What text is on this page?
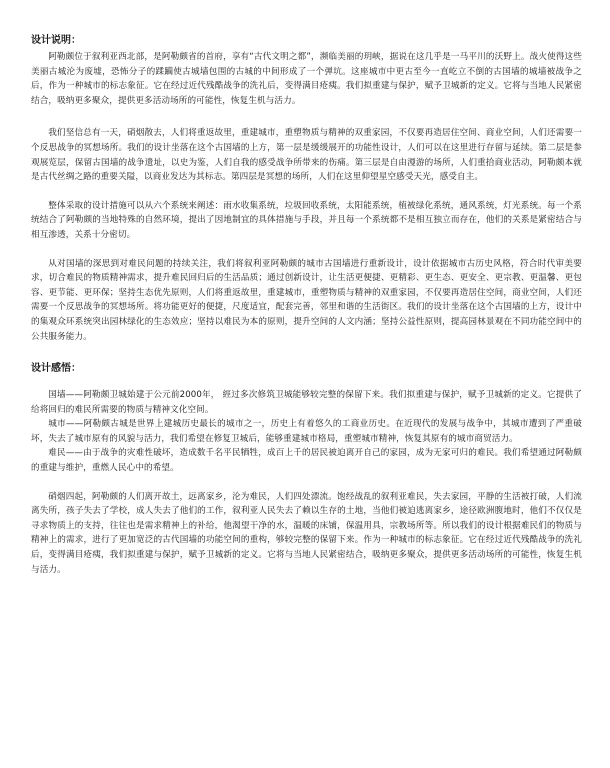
设计说明：

阿勒颇位于叙利亚西北部，是阿勒颇省的首府，享有“古代文明之都”，濒临美丽的玥峡，据说在这几乎是一马平川的沃野上。战火使得这些美丽古城沦为废墟，恐怖分子的蹂躏使古城墙包围的古城的中间形成了一个弹坑。这座城市中更古至今一直屹立不倒的古国墙的城墙被战争之后，作为一种城市的标志象征。它在经过近代残酷战争的洗礼后，变得满目疮痍。我们拟重建与保护，赋予卫城新的定义。它将与当地人民紧密结合，吸纳更多聚众，提供更多活动场所的可能性，恢复生机与活力。

我们坚信总有一天，硝烟散去，人们将重返故里，重建城市，重塑物质与精神的双重家园，不仅要再造居住空间、商业空间，人们还需要一个反思战争的冥想场所。我们的设计坐落在这个古国墙的上方，第一层是缓缓展开的功能性设计，人们可以在这里进行存留与延续。第二层是参观展览层，保留古国墙的战争遗址，以史为鉴，人们自我的感受战争所带来的伤痛。第三层是自由漫游的场所，人们重拾商业活动，阿勒颇本就是古代丝绸之路的重要关隘，以商业发达为其标志。第四层是冥想的场所，人们在这里仰望星空感受天光，感受自主。

整体采取的设计措施可以从六个系统来阐述：雨水收集系统，垃圾回收系统，太阳能系统，植被绿化系统，通风系统，灯光系统。每一个系统结合了阿勒颇的当地特殊的自然环境，提出了因地制宜的具体措施与手段，并且每一个系统都不是相互独立而存在，他们的关系是紧密结合与相互渗透，关系十分密切。

从对国墙的深思到对难民问题的持续关注，我们将叙利亚阿勒颇的城市古国墙进行重新设计，设计依据城市古历史风格，符合时代审美要求，切合难民的物质精神需求，提升难民回归后的生活品质；通过创新设计，让生活更便捷、更精彩、更生态、更安全、更宗教、更温馨、更包容、更节能、更环保；坚持生态优先原则，人们将重返故里，重建城市，重塑物质与精神的双重家园，不仅要再造居住空间，商业空间，人们还需要一个反思战争的冥想场所。将功能更好的便捷，尺度适宜，配套完善，邻里和谐的生活街区。我们的设计坐落在这个古国墙的上方，设计中的集观众环系统突出园林绿化的生态效应；坚持以难民为本的原则，提升空间的人文内涵；坚持公益性原则，提高园林景观在不同功能空间中的公共服务能力。

设计感悟：

国墙——阿勒颇卫城始建于公元前2000年， 經过多次修筑卫城能够较完整的保留下来。我们拟重建与保护，赋予卫城新的定义。它提供了给将回归的难民所需要的物质与精神文化空间。

城市——阿勒颇古城是世界上建城历史最长的城市之一，历史上有着悠久的工商业历史。在近现代的发展与战争中，其城市遭到了严重破坏，失去了城市原有的风貌与活力，我们希望在修复卫城后，能够重建城市格局，重塑城市精神，恢复其原有的城市商贸活力。

难民——由于战争的灾难性破坏，造成数千名平民牺牲，成百上千的居民被迫离开自己的家园，成为无家可归的难民。我们希望通过阿勒颇的重建与维护，重燃人民心中的希望。

硝烟四起，阿勒颇的人们离开故土，远离家乡，沦为难民，人们四处漂流。饱经战乱的叙利亚难民，失去家园，平静的生活被打破，人们流离失所，孩子失去了学校，成人失去了他们的工作，叙利亚人民失去了赖以生存的土地，当他们被迫逃离家乡，途径欧洲腹地时，他们不仅仅是寻求物质上的支持，往往也是需求精神上的补给，他渴望干净的水，温暖的床铺，保温用具，宗教场所等。所以我们的设计根据难民们的物质与精神上的需求，进行了更加宽泛的古代国墙的功能空间的重构，够较完整的保留下来。作为一种城市的标志象征。它在经过近代残酷战争的洗礼后，变得满目疮痍，我们拟重建与保护，赋予卫城新的定义。它将与当地人民紧密结合，吸纳更多聚众，提供更多活动场所的可能性，恢复生机与活力。
